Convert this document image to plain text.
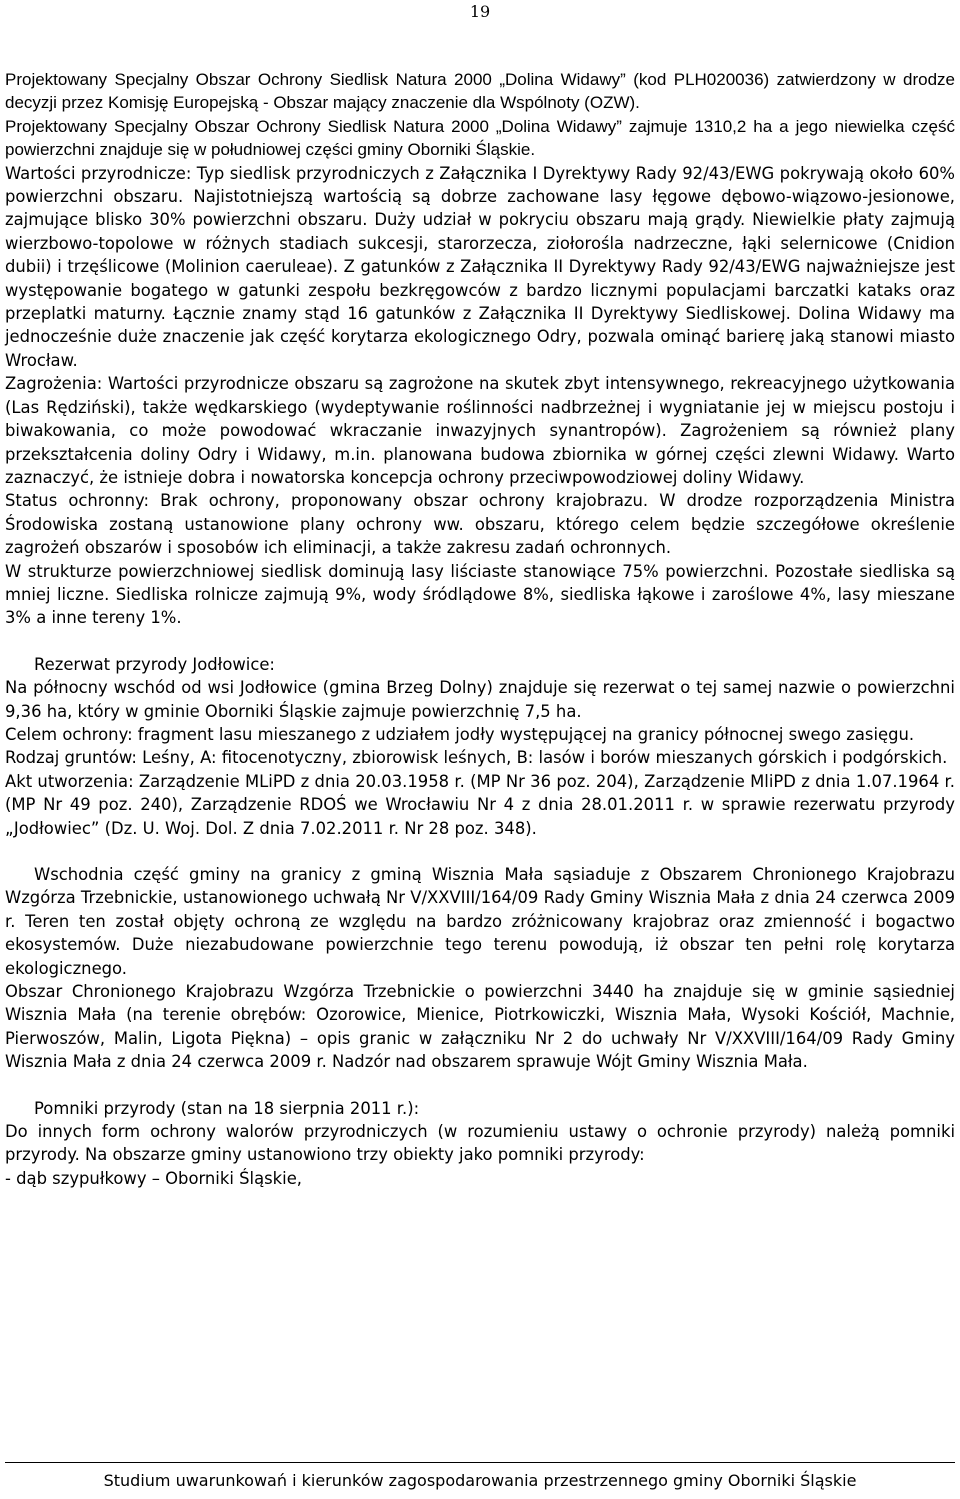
19

Projektowany Specjalny Obszar Ochrony Siedlisk Natura 2000 „Dolina Widawy” (kod PLH020036) zatwierdzony w drodze decyzji przez Komisję Europejską - Obszar mający znaczenie dla Wspólnoty (OZW).

Projektowany Specjalny Obszar Ochrony Siedlisk Natura 2000 „Dolina Widawy” zajmuje 1310,2 ha a jego niewielka część powierzchni znajduje się w południowej części gminy Oborniki Śląskie.

Wartości przyrodnicze: Typ siedlisk przyrodniczych z Załącznika I Dyrektywy Rady 92/43/EWG pokrywają około 60% powierzchni obszaru. Najistotniejszą wartością są dobrze zachowane lasy łęgowe dębowo-wiązowo-jesionowe, zajmujące blisko 30% powierzchni obszaru. Duży udział w pokryciu obszaru mają grądy. Niewielkie płaty zajmują wierzbowo-topolowe w różnych stadiach sukcesji, starorzecza, ziołorośla nadrzeczne, łąki selernicowe (Cnidion dubii) i trzęślicowe (Molinion caeruleae). Z gatunków z Załącznika II Dyrektywy Rady 92/43/EWG najważniejsze jest występowanie bogatego w gatunki zespołu bezkręgowców z bardzo licznymi populacjami barczatki kataks oraz przeplatki maturny. Łącznie znamy stąd 16 gatunków z Załącznika II Dyrektywy Siedliskowej. Dolina Widawy ma jednocześnie duże znaczenie jak część korytarza ekologicznego Odry, pozwala ominąć barierę jaką stanowi miasto Wrocław.

Zagrożenia: Wartości przyrodnicze obszaru są zagrożone na skutek zbyt intensywnego, rekreacyjnego użytkowania (Las Rędziński), także wędkarskiego (wydeptywanie roślinności nadbrzeżnej i wygniatanie jej w miejscu postoju i biwakowania, co może powodować wkraczanie inwazyjnych synantropów). Zagrożeniem są również plany przekształcenia doliny Odry i Widawy, m.in. planowana budowa zbiornika w górnej części zlewni Widawy. Warto zaznaczyć, że istnieje dobra i nowatorska koncepcja ochrony przeciwpowodziowej doliny Widawy.

Status ochronny: Brak ochrony, proponowany obszar ochrony krajobrazu. W drodze rozporządzenia Ministra Środowiska zostaną ustanowione plany ochrony ww. obszaru, którego celem będzie szczegółowe określenie zagrożeń obszarów i sposobów ich eliminacji, a także zakresu zadań ochronnych.

W strukturze powierzchniowej siedlisk dominują lasy liściaste stanowiące 75% powierzchni. Pozostałe siedliska są mniej liczne. Siedliska rolnicze zajmują 9%, wody śródlądowe 8%, siedliska łąkowe i zaroślowe 4%, lasy mieszane 3% a inne tereny 1%.

Rezerwat przyrody Jodłowice:

Na północny wschód od wsi Jodłowice (gmina Brzeg Dolny) znajduje się rezerwat o tej samej nazwie o powierzchni 9,36 ha, który w gminie Oborniki Śląskie zajmuje powierzchnię 7,5 ha.

Celem ochrony: fragment lasu mieszanego z udziałem jodły występującej na granicy północnej swego zasięgu.

Rodzaj gruntów: Leśny, A: fitocenotyczny, zbiorowisk leśnych, B: lasów i borów mieszanych górskich i podgórskich.

Akt utworzenia: Zarządzenie MLiPD z dnia 20.03.1958 r. (MP Nr 36 poz. 204), Zarządzenie MliPD z dnia 1.07.1964 r. (MP Nr 49 poz. 240), Zarządzenie RDOŚ we Wrocławiu Nr 4 z dnia 28.01.2011 r. w sprawie rezerwatu przyrody „Jodłowiec” (Dz. U. Woj. Dol. Z dnia 7.02.2011 r. Nr 28 poz. 348).

Wschodnia część gminy na granicy z gminą Wisznia Mała sąsiaduje z Obszarem Chronionego Krajobrazu Wzgórza Trzebnickie, ustanowionego uchwałą Nr V/XXVIII/164/09 Rady Gminy Wisznia Mała z dnia 24 czerwca 2009 r. Teren ten został objęty ochroną ze względu na bardzo zróżnicowany krajobraz oraz zmienność i bogactwo ekosystemów. Duże niezabudowane powierzchnie tego terenu powodują, iż obszar ten pełni rolę korytarza ekologicznego.

Obszar Chronionego Krajobrazu Wzgórza Trzebnickie o powierzchni 3440 ha znajduje się w gminie sąsiedniej Wisznia Mała (na terenie obrębów: Ozorowice, Mienice, Piotrkowiczki, Wisznia Mała, Wysoki Kościół, Machnie, Pierwoszów, Malin, Ligota Piękna) – opis granic w załączniku Nr 2 do uchwały Nr V/XXVIII/164/09 Rady Gminy Wisznia Mała z dnia 24 czerwca 2009 r. Nadzór nad obszarem sprawuje Wójt Gminy Wisznia Mała.

Pomniki przyrody (stan na 18 sierpnia 2011 r.):

Do innych form ochrony walorów przyrodniczych (w rozumieniu ustawy o ochronie przyrody) należą pomniki przyrody. Na obszarze gminy ustanowiono trzy obiekty jako pomniki przyrody:

- dąb szypułkowy – Oborniki Śląskie,

Studium uwarunkowań i kierunków zagospodarowania przestrzennego gminy Oborniki Śląskie
